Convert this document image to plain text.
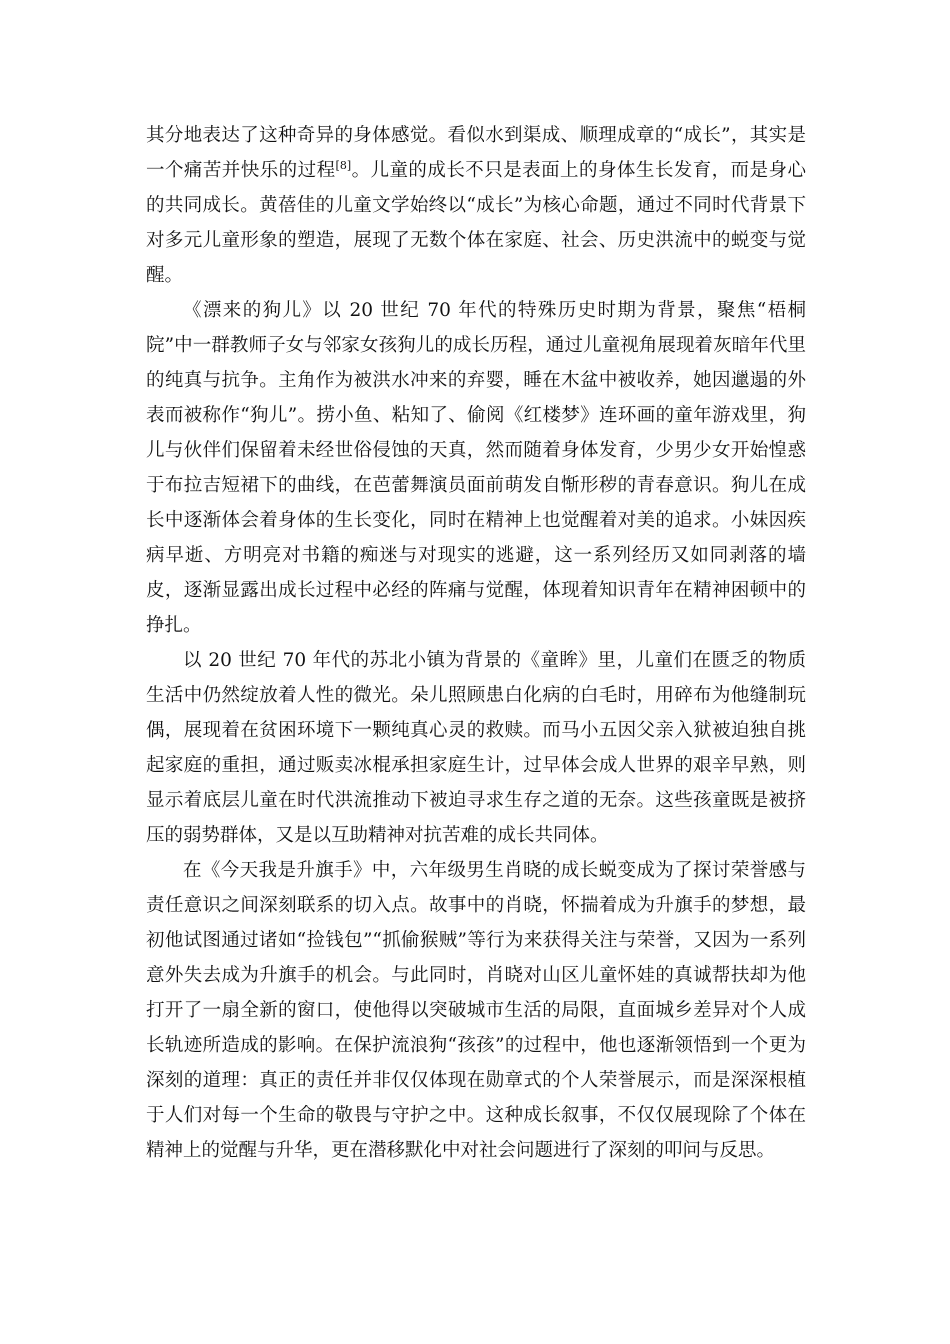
其分地表达了这种奇异的身体感觉。看似水到渠成、顺理成章的“成长”，其实是一个痛苦并快乐的过程[8]。儿童的成长不只是表面上的身体生长发育，而是身心的共同成长。黄蓓佳的儿童文学始终以“成长”为核心命题，通过不同时代背景下对多元儿童形象的塑造，展现了无数个体在家庭、社会、历史洪流中的蜕变与觉醒。

《漂来的狗儿》以 20 世纪 70 年代的特殊历史时期为背景，聚焦“梧桐院”中一群教师子女与邻家女孩狗儿的成长历程，通过儿童视角展现着灰暗年代里的纯真与抗争。主角作为被洪水冲来的弃婴，睡在木盆中被收养，她因邋遢的外表而被称作“狗儿”。捞小鱼、粘知了、偷阅《红楼梦》连环画的童年游戏里，狗儿与伙伴们保留着未经世俗侵蚀的天真，然而随着身体发育，少男少女开始惶惑于布拉吉短裙下的曲线，在芭蕾舞演员面前萌发自惭形秽的青春意识。狗儿在成长中逐渐体会着身体的生长变化，同时在精神上也觉醒着对美的追求。小妹因疾病早逝、方明亮对书籍的痴迷与对现实的逃避，这一系列经历又如同剥落的墙皮，逐渐显露出成长过程中必经的阵痛与觉醒，体现着知识青年在精神困顿中的挣扎。

以 20 世纪 70 年代的苏北小镇为背景的《童眸》里，儿童们在匮乏的物质生活中仍然绽放着人性的微光。朵儿照顾患白化病的白毛时，用碎布为他缝制玩偶，展现着在贫困环境下一颗纯真心灵的救赎。而马小五因父亲入狱被迫独自挑起家庭的重担，通过贩卖冰棍承担家庭生计，过早体会成人世界的艰辛早熟，则显示着底层儿童在时代洪流推动下被迫寻求生存之道的无奈。这些孩童既是被挤压的弱势群体，又是以互助精神对抗苦难的成长共同体。

在《今天我是升旗手》中，六年级男生肖晓的成长蜕变成为了探讨荣誉感与责任意识之间深刻联系的切入点。故事中的肖晓，怀揣着成为升旗手的梦想，最初他试图通过诸如“捡钱包”“抓偷猴贼”等行为来获得关注与荣誉，又因为一系列意外失去成为升旗手的机会。与此同时，肖晓对山区儿童怀娃的真诚帮扶却为他打开了一扇全新的窗口，使他得以突破城市生活的局限，直面城乡差异对个人成长轨迹所造成的影响。在保护流浪狗“孩孩”的过程中，他也逐渐领悟到一个更为深刻的道理：真正的责任并非仅仅体现在勋章式的个人荣誉展示，而是深深根植于人们对每一个生命的敬畏与守护之中。这种成长叙事，不仅仅展现除了个体在精神上的觉醒与升华，更在潜移默化中对社会问题进行了深刻的叩问与反思。
